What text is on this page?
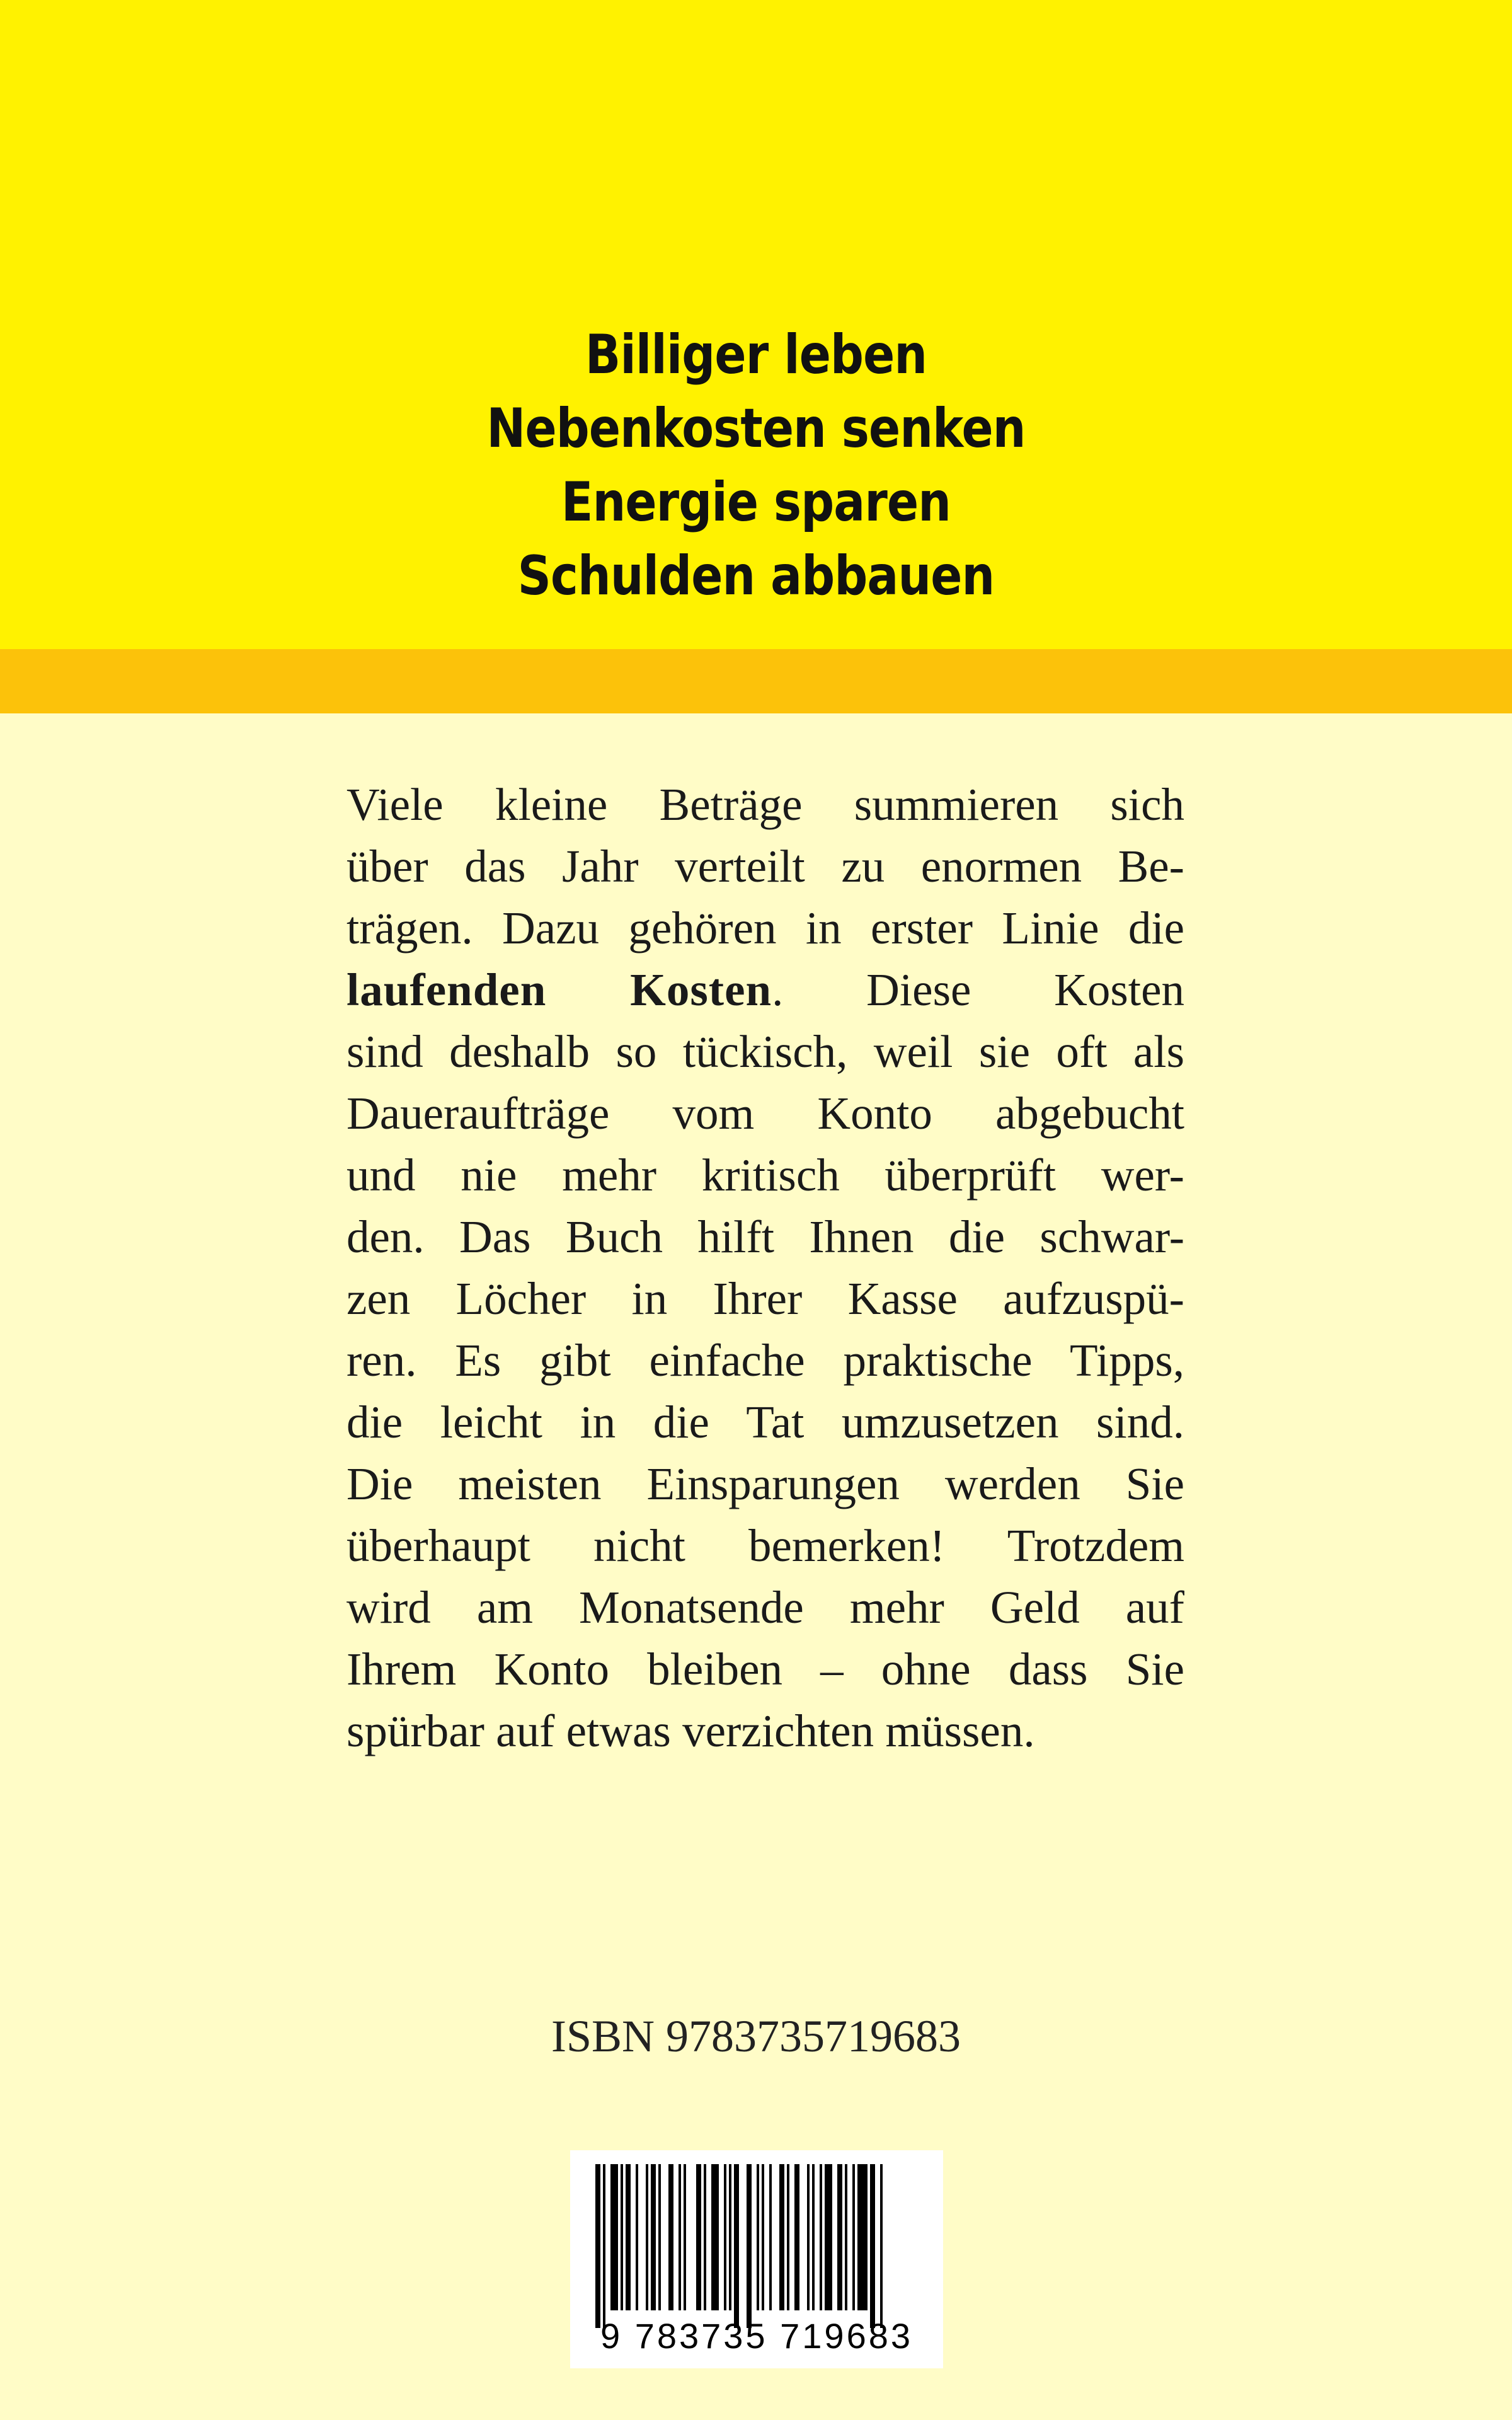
Billiger leben
Nebenkosten senken
Energie sparen
Schulden abbauen
Viele kleine Beträge summieren sich
über das Jahr verteilt zu enormen Be-
trägen. Dazu gehören in erster Linie die
laufenden Kosten. Diese Kosten
sind deshalb so tückisch, weil sie oft als
Daueraufträge vom Konto abgebucht
und nie mehr kritisch überprüft wer-
den. Das Buch hilft Ihnen die schwar-
zen Löcher in Ihrer Kasse aufzuspü-
ren. Es gibt einfache praktische Tipps,
die leicht in die Tat umzusetzen sind.
Die meisten Einsparungen werden Sie
überhaupt nicht bemerken! Trotzdem
wird am Monatsende mehr Geld auf
Ihrem Konto bleiben – ohne dass Sie
spürbar auf etwas verzichten müssen.
ISBN 9783735719683
9 783735 719683
